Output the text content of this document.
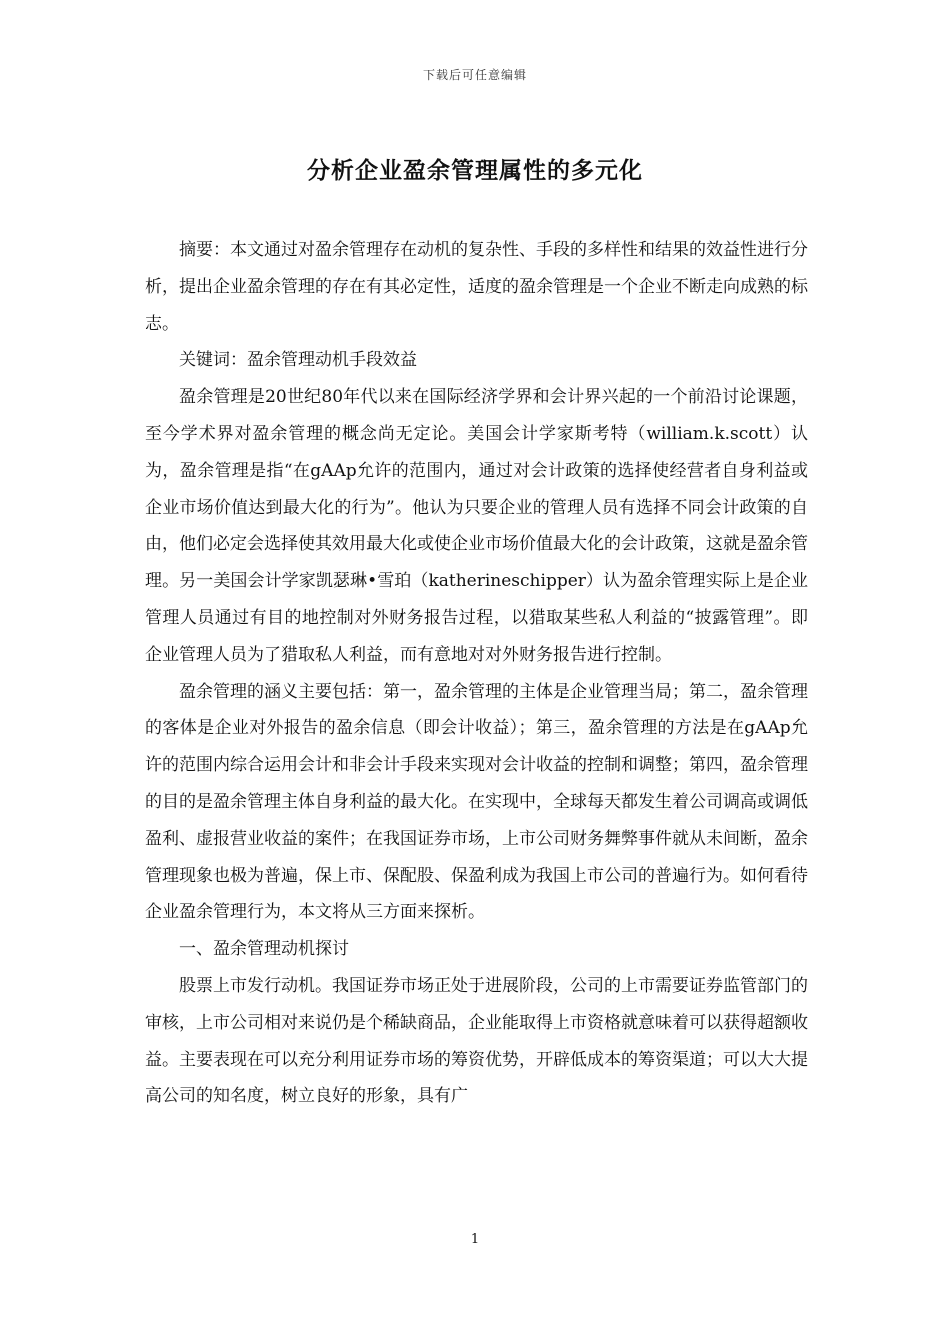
下载后可任意编辑
分析企业盈余管理属性的多元化

摘要：本文通过对盈余管理存在动机的复杂性、手段的多样性和结果的效益性进行分析，提出企业盈余管理的存在有其必定性，适度的盈余管理是一个企业不断走向成熟的标志。

关键词：盈余管理动机手段效益

盈余管理是20世纪80年代以来在国际经济学界和会计界兴起的一个前沿讨论课题，至今学术界对盈余管理的概念尚无定论。美国会计学家斯考特（william.k.scott）认为，盈余管理是指“在gAAp允许的范围内，通过对会计政策的选择使经营者自身利益或企业市场价值达到最大化的行为”。他认为只要企业的管理人员有选择不同会计政策的自由，他们必定会选择使其效用最大化或使企业市场价值最大化的会计政策，这就是盈余管理。另一美国会计学家凯瑟琳•雪珀（katherineschipper）认为盈余管理实际上是企业管理人员通过有目的地控制对外财务报告过程，以猎取某些私人利益的“披露管理”。即企业管理人员为了猎取私人利益，而有意地对对外财务报告进行控制。

盈余管理的涵义主要包括：第一，盈余管理的主体是企业管理当局；第二，盈余管理的客体是企业对外报告的盈余信息（即会计收益）；第三，盈余管理的方法是在gAAp允许的范围内综合运用会计和非会计手段来实现对会计收益的控制和调整；第四，盈余管理的目的是盈余管理主体自身利益的最大化。在实现中，全球每天都发生着公司调高或调低盈利、虚报营业收益的案件；在我国证券市场，上市公司财务舞弊事件就从未间断，盈余管理现象也极为普遍，保上市、保配股、保盈利成为我国上市公司的普遍行为。如何看待企业盈余管理行为，本文将从三方面来探析。

一、盈余管理动机探讨

股票上市发行动机。我国证券市场正处于进展阶段，公司的上市需要证券监管部门的审核，上市公司相对来说仍是个稀缺商品，企业能取得上市资格就意味着可以获得超额收益。主要表现在可以充分利用证券市场的筹资优势，开辟低成本的筹资渠道；可以大大提高公司的知名度，树立良好的形象，具有广

1
